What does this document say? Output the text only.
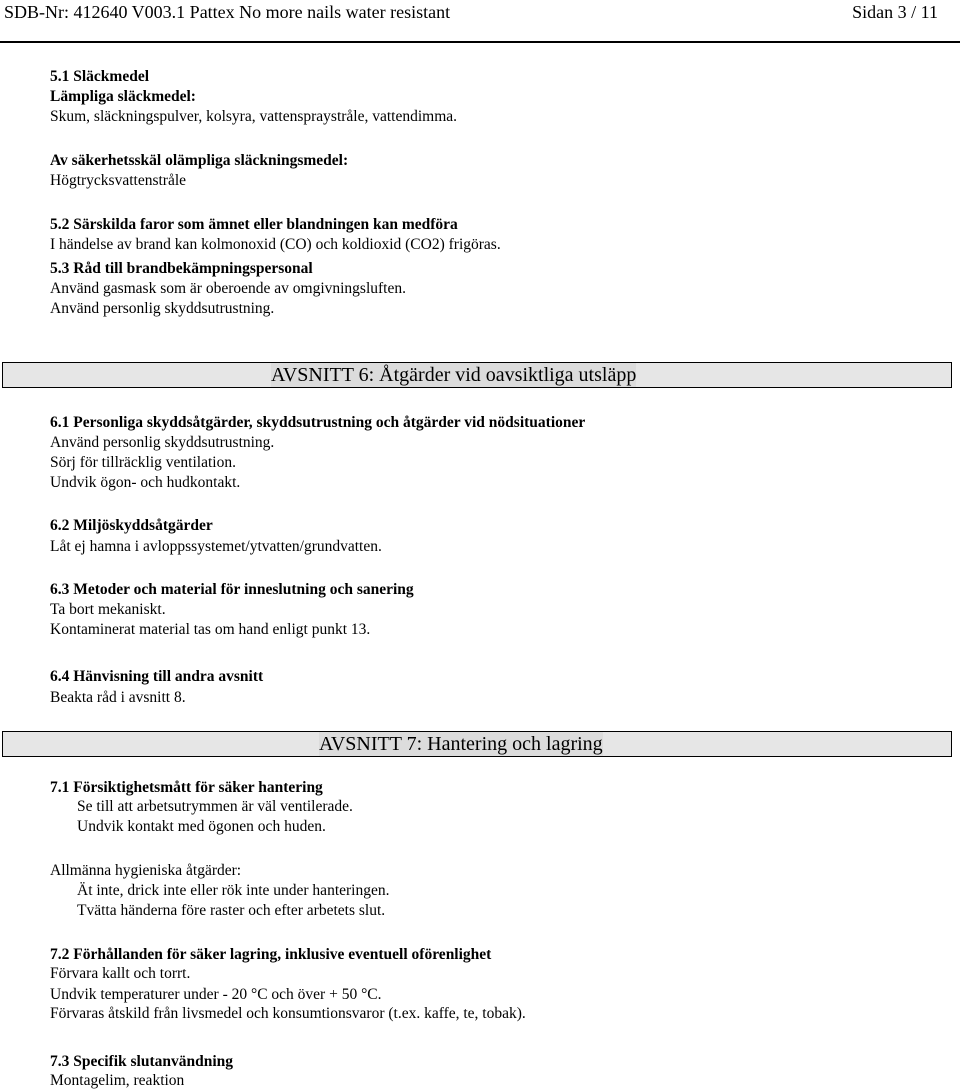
SDB-Nr: 412640 V003.1 Pattex No more nails water resistant	Sidan 3 / 11
5.1 Släckmedel
Lämpliga släckmedel:
Skum, släckningspulver, kolsyra, vattenspraystråle, vattendimma.
Av säkerhetsskäl olämpliga släckningsmedel:
Högtrycksvattenstråle
5.2 Särskilda faror som ämnet eller blandningen kan medföra
I händelse av brand kan kolmonoxid (CO) och koldioxid (CO2) frigöras.
5.3 Råd till brandbekämpningspersonal
Använd gasmask som är oberoende av omgivningsluften.
Använd personlig skyddsutrustning.
AVSNITT 6: Åtgärder vid oavsiktliga utsläpp
6.1 Personliga skyddsåtgärder, skyddsutrustning och åtgärder vid nödsituationer
Använd personlig skyddsutrustning.
Sörj för tillräcklig ventilation.
Undvik ögon- och hudkontakt.
6.2 Miljöskyddsåtgärder
Låt ej hamna i avloppssystemet/ytvatten/grundvatten.
6.3 Metoder och material för inneslutning och sanering
Ta bort mekaniskt.
Kontaminerat material tas om hand enligt punkt 13.
6.4 Hänvisning till andra avsnitt
Beakta råd i avsnitt 8.
AVSNITT 7: Hantering och lagring
7.1 Försiktighetsmått för säker hantering
Se till att arbetsutrymmen är väl ventilerade.
Undvik kontakt med ögonen och huden.
Allmänna hygieniska åtgärder:
Ät inte, drick inte eller rök inte under hanteringen.
Tvätta händerna före raster och efter arbetets slut.
7.2 Förhållanden för säker lagring, inklusive eventuell oförenlighet
Förvara kallt och torrt.
Undvik temperaturer under - 20 °C och över + 50 °C.
Förvaras åtskild från livsmedel och konsumtionsvaror (t.ex. kaffe, te, tobak).
7.3 Specifik slutanvändning
Montagelim, reaktion
